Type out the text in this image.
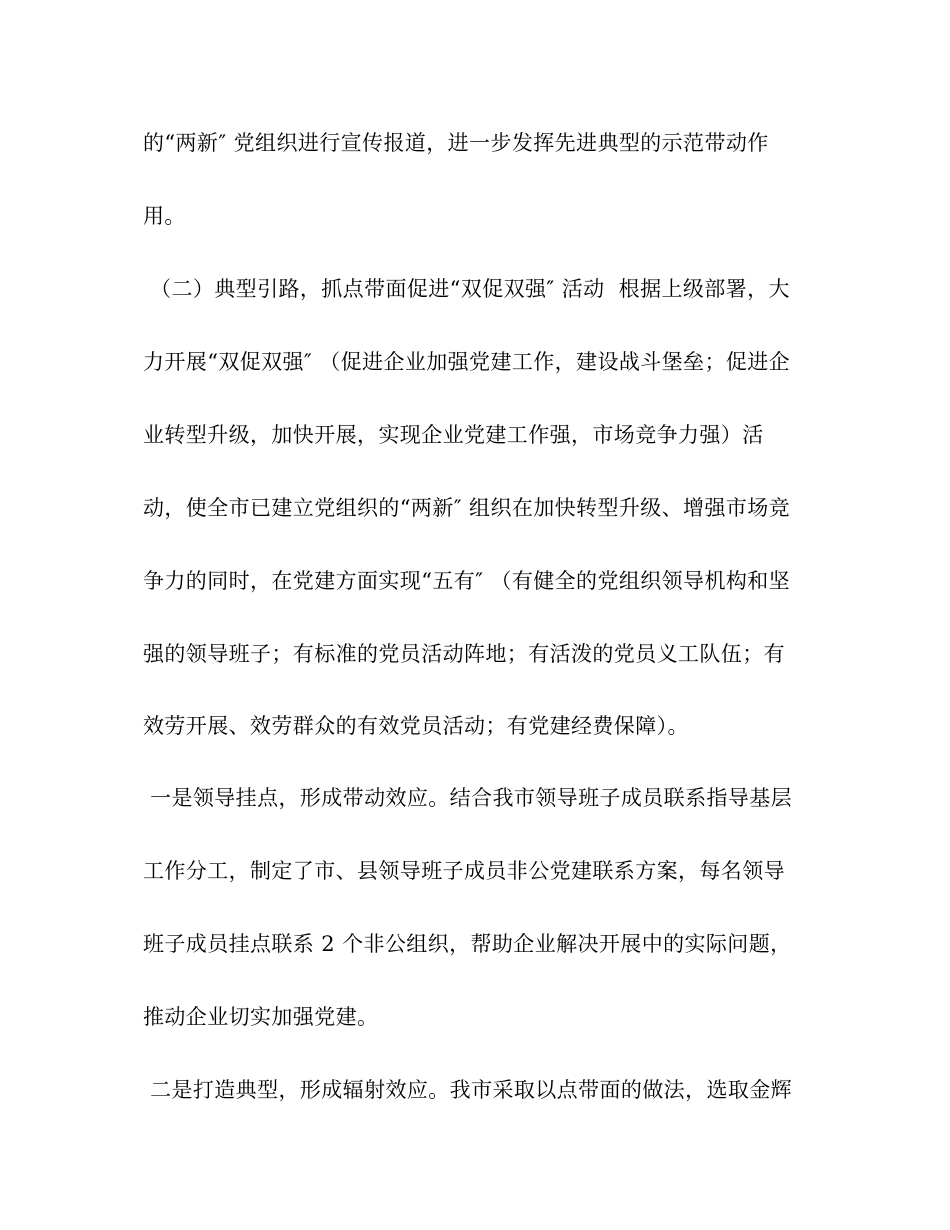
的“两新″ 党组织进行宣传报道，进一步发挥先进典型的示范带动作
用。
（二）典型引路，抓点带面促进“双促双强″ 活动  根据上级部署，大
力开展“双促双强″ （促进企业加强党建工作，建设战斗堡垒；促进企
业转型升级，加快开展，实现企业党建工作强，市场竞争力强）活
动，使全市已建立党组织的“两新″ 组织在加快转型升级、增强市场竞
争力的同时，在党建方面实现“五有″ （有健全的党组织领导机构和坚
强的领导班子；有标准的党员活动阵地；有活泼的党员义工队伍；有
效劳开展、效劳群众的有效党员活动；有党建经费保障）。
一是领导挂点，形成带动效应。结合我市领导班子成员联系指导基层
工作分工，制定了市、县领导班子成员非公党建联系方案，每名领导
班子成员挂点联系 2 个非公组织，帮助企业解决开展中的实际问题，
推动企业切实加强党建。
二是打造典型，形成辐射效应。我市采取以点带面的做法，选取金辉
